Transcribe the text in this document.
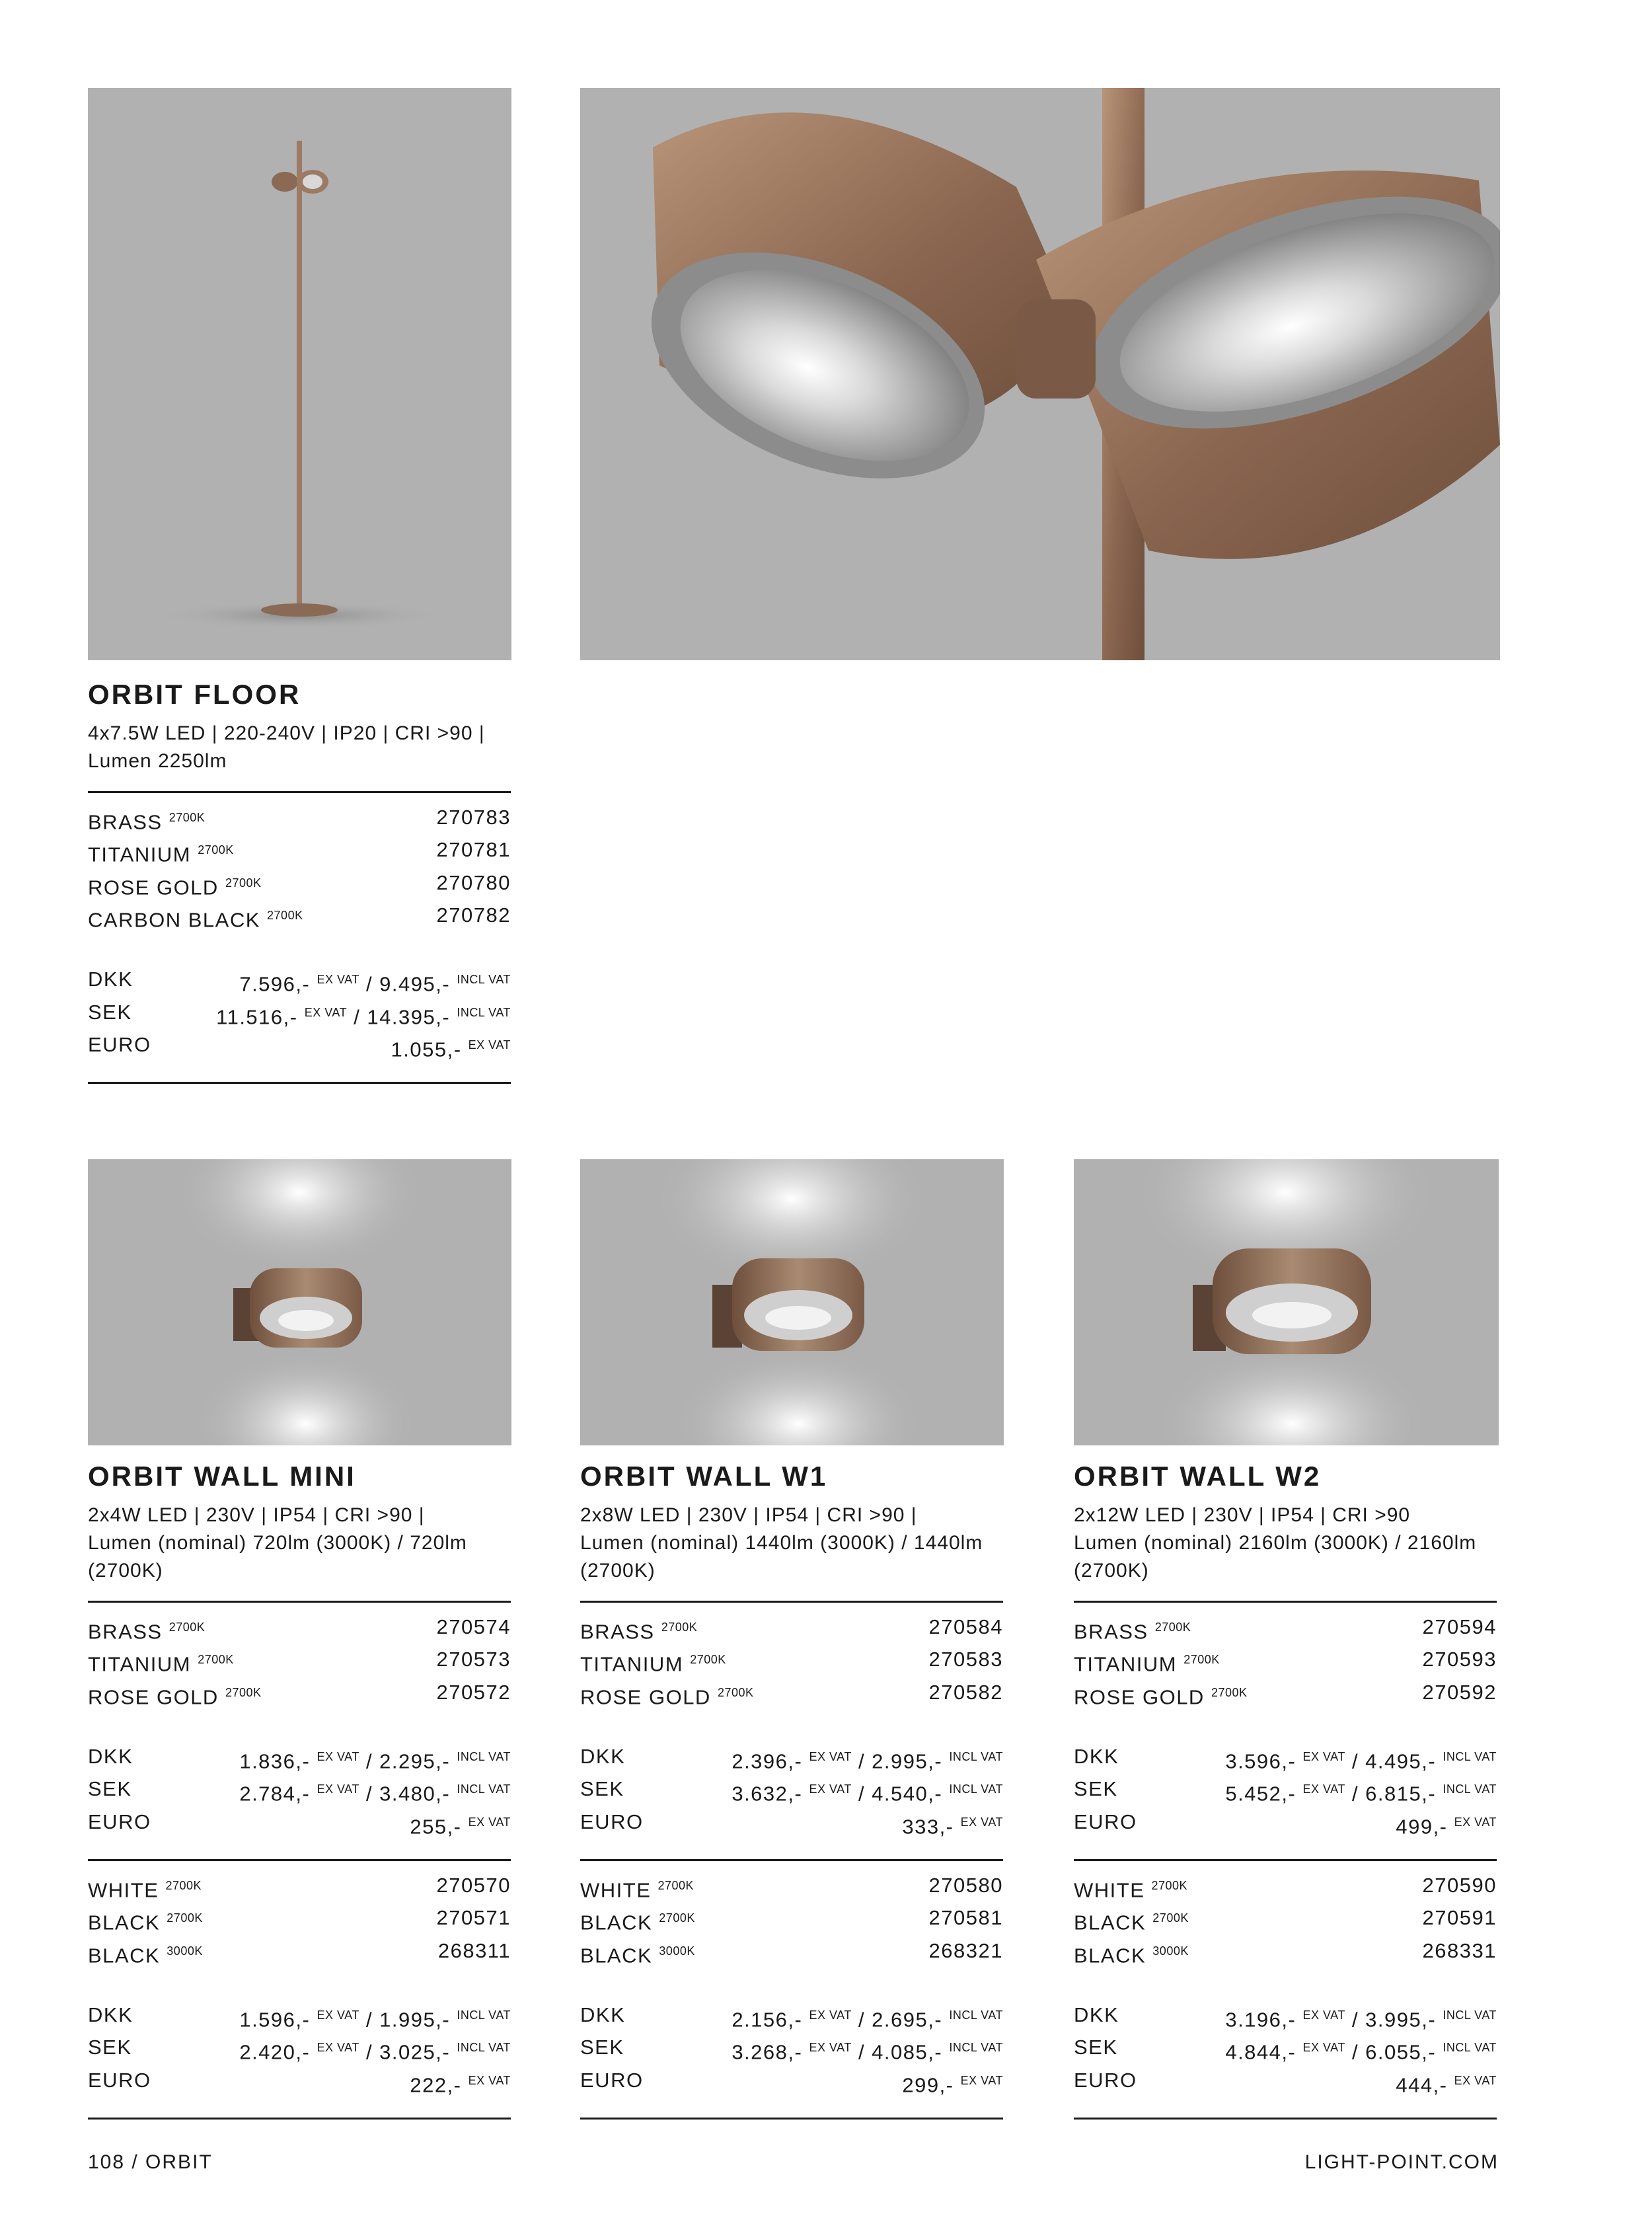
ORBIT FLOOR
4x7.5W LED | 220-240V | IP20 | CRI >90 |
Lumen 2250lm
BRASS $^{2700K}$	270783
TITANIUM $^{2700K}$	270781
ROSE GOLD $^{2700K}$	270780
CARBON BLACK $^{2700K}$	270782
DKK	7.596,- $^{EX VAT}$ / 9.495,- $^{INCL VAT}$
SEK	11.516,- $^{EX VAT}$ / 14.395,- $^{INCL VAT}$
EURO	1.055,- $^{EX VAT}$
ORBIT WALL MINI
2x4W LED | 230V | IP54 | CRI >90 |
Lumen (nominal) 720lm (3000K) / 720lm
(2700K)
BRASS $^{2700K}$	270574
TITANIUM $^{2700K}$	270573
ROSE GOLD $^{2700K}$	270572
DKK	1.836,- $^{EX VAT}$ / 2.295,- $^{INCL VAT}$
SEK	2.784,- $^{EX VAT}$ / 3.480,- $^{INCL VAT}$
EURO	255,- $^{EX VAT}$
WHITE $^{2700K}$	270570
BLACK $^{2700K}$	270571
BLACK $^{3000K}$	268311
DKK	1.596,- $^{EX VAT}$ / 1.995,- $^{INCL VAT}$
SEK	2.420,- $^{EX VAT}$ / 3.025,- $^{INCL VAT}$
EURO	222,- $^{EX VAT}$
ORBIT WALL W1
2x8W LED | 230V | IP54 | CRI >90 |
Lumen (nominal) 1440lm (3000K) / 1440lm
(2700K)
BRASS $^{2700K}$	270584
TITANIUM $^{2700K}$	270583
ROSE GOLD $^{2700K}$	270582
DKK	2.396,- $^{EX VAT}$ / 2.995,- $^{INCL VAT}$
SEK	3.632,- $^{EX VAT}$ / 4.540,- $^{INCL VAT}$
EURO	333,- $^{EX VAT}$
WHITE $^{2700K}$	270580
BLACK $^{2700K}$	270581
BLACK $^{3000K}$	268321
DKK	2.156,- $^{EX VAT}$ / 2.695,- $^{INCL VAT}$
SEK	3.268,- $^{EX VAT}$ / 4.085,- $^{INCL VAT}$
EURO	299,- $^{EX VAT}$
ORBIT WALL W2
2x12W LED | 230V | IP54 | CRI >90
Lumen (nominal) 2160lm (3000K) / 2160lm
(2700K)
BRASS $^{2700K}$	270594
TITANIUM $^{2700K}$	270593
ROSE GOLD $^{2700K}$	270592
DKK	3.596,- $^{EX VAT}$ / 4.495,- $^{INCL VAT}$
SEK	5.452,- $^{EX VAT}$ / 6.815,- $^{INCL VAT}$
EURO	499,- $^{EX VAT}$
WHITE $^{2700K}$	270590
BLACK $^{2700K}$	270591
BLACK $^{3000K}$	268331
DKK	3.196,- $^{EX VAT}$ / 3.995,- $^{INCL VAT}$
SEK	4.844,- $^{EX VAT}$ / 6.055,- $^{INCL VAT}$
EURO	444,- $^{EX VAT}$
108 / ORBIT	LIGHT-POINT.COM
